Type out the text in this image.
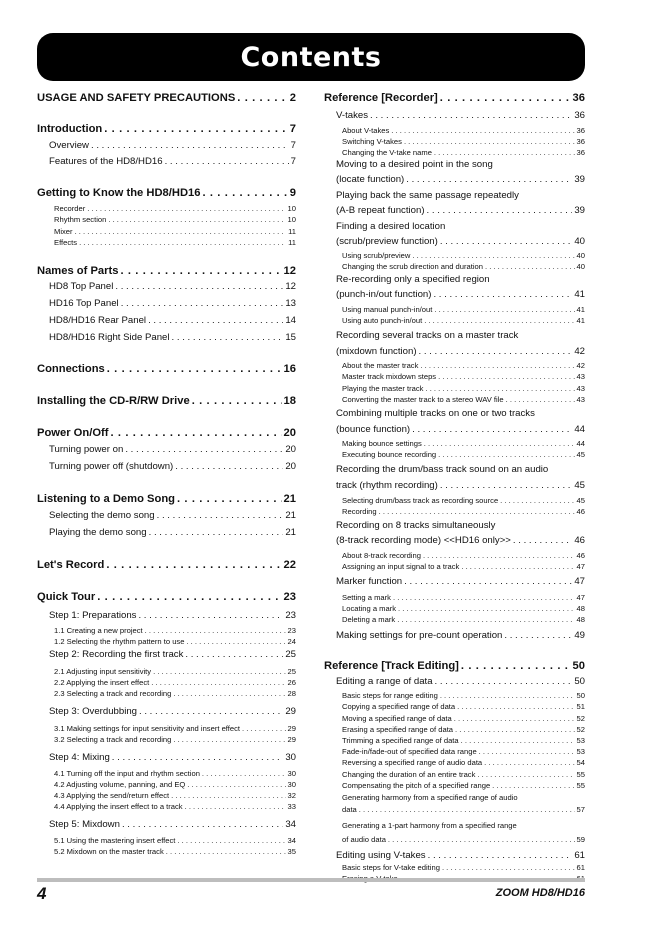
Contents
USAGE AND SAFETY PRECAUTIONS . . .	2
Introduction . . .	7
Overview . . .	7
Features of the HD8/HD16 . . .	7
Getting to Know the HD8/HD16 . . .	9
Recorder . . .	10
Rhythm section . . .	10
Mixer . . .	11
Effects . . .	11
Names of Parts . . .	12
HD8 Top Panel . . .	12
HD16 Top Panel . . .	13
HD8/HD16 Rear Panel . . .	14
HD8/HD16 Right Side Panel . . .	15
Connections . . .	16
Installing the CD-R/RW Drive . . .	18
Power On/Off . . .	20
Turning power on . . .	20
Turning power off (shutdown) . . .	20
Listening to a Demo Song . . .	21
Selecting the demo song . . .	21
Playing the demo song . . .	21
Let's Record . . .	22
Quick Tour . . .	23
Step 1: Preparations . . .	23
1.1 Creating a new project . . .	23
1.2 Selecting the rhythm pattern to use . . .	24
Step 2: Recording the first track . . .	25
2.1 Adjusting input sensitivity . . .	25
2.2 Applying the insert effect . . .	26
2.3 Selecting a track and recording . . .	28
Step 3: Overdubbing . . .	29
3.1 Making settings for input sensitivity and insert effect . . .	29
3.2 Selecting a track and recording . . .	29
Step 4: Mixing . . .	30
4.1 Turning off the input and rhythm section . . .	30
4.2 Adjusting volume, panning, and EQ . . .	30
4.3 Applying the send/return effect . . .	32
4.4 Applying the insert effect to a track . . .	33
Step 5: Mixdown . . .	34
5.1 Using the mastering insert effect . . .	34
5.2 Mixdown on the master track . . .	35
Reference [Recorder] . . .	36
V-takes . . .	36
About V-takes . . .	36
Switching V-takes . . .	36
Changing the V-take name . . .	36
Moving to a desired point in the song
(locate function) . . .	39
Playing back the same passage repeatedly
(A-B repeat function) . . .	39
Finding a desired location
(scrub/preview function) . . .	40
Using scrub/preview . . .	40
Changing the scrub direction and duration . . .	40
Re-recording only a specified region
(punch-in/out function) . . .	41
Using manual punch-in/out . . .	41
Using auto punch-in/out . . .	41
Recording several tracks on a master track
(mixdown function) . . .	42
About the master track . . .	42
Master track mixdown steps . . .	43
Playing the master track . . .	43
Converting the master track to a stereo WAV file . . .	43
Combining multiple tracks on one or two tracks
(bounce function) . . .	44
Making bounce settings . . .	44
Executing bounce recording . . .	45
Recording the drum/bass track sound on an audio
track (rhythm recording) . . .	45
Selecting drum/bass track as recording source . . .	45
Recording . . .	46
Recording on 8 tracks simultaneously
(8-track recording mode) <<HD16 only>> . . .	46
About 8-track recording . . .	46
Assigning an input signal to a track . . .	47
Marker function . . .	47
Setting a mark . . .	47
Locating a mark . . .	48
Deleting a mark . . .	48
Making settings for pre-count operation . . .	49
Reference [Track Editing] . . .	50
Editing a range of data . . .	50
Basic steps for range editing . . .	50
Copying a specified range of data . . .	51
Moving a specified range of data . . .	52
Erasing a specified range of data . . .	52
Trimming a specified range of data . . .	53
Fade-in/fade-out of specified data range . . .	53
Reversing a specified range of audio data . . .	54
Changing the duration of an entire track . . .	55
Compensating the pitch of a specified range . . .	55
Generating harmony from a specified range of audio
data . . .	57
Generating a 1-part harmony from a specified range
of audio data . . .	59
Editing using V-takes . . .	61
Basic steps for V-take editing . . .	61
. . .
4	ZOOM HD8/HD16
